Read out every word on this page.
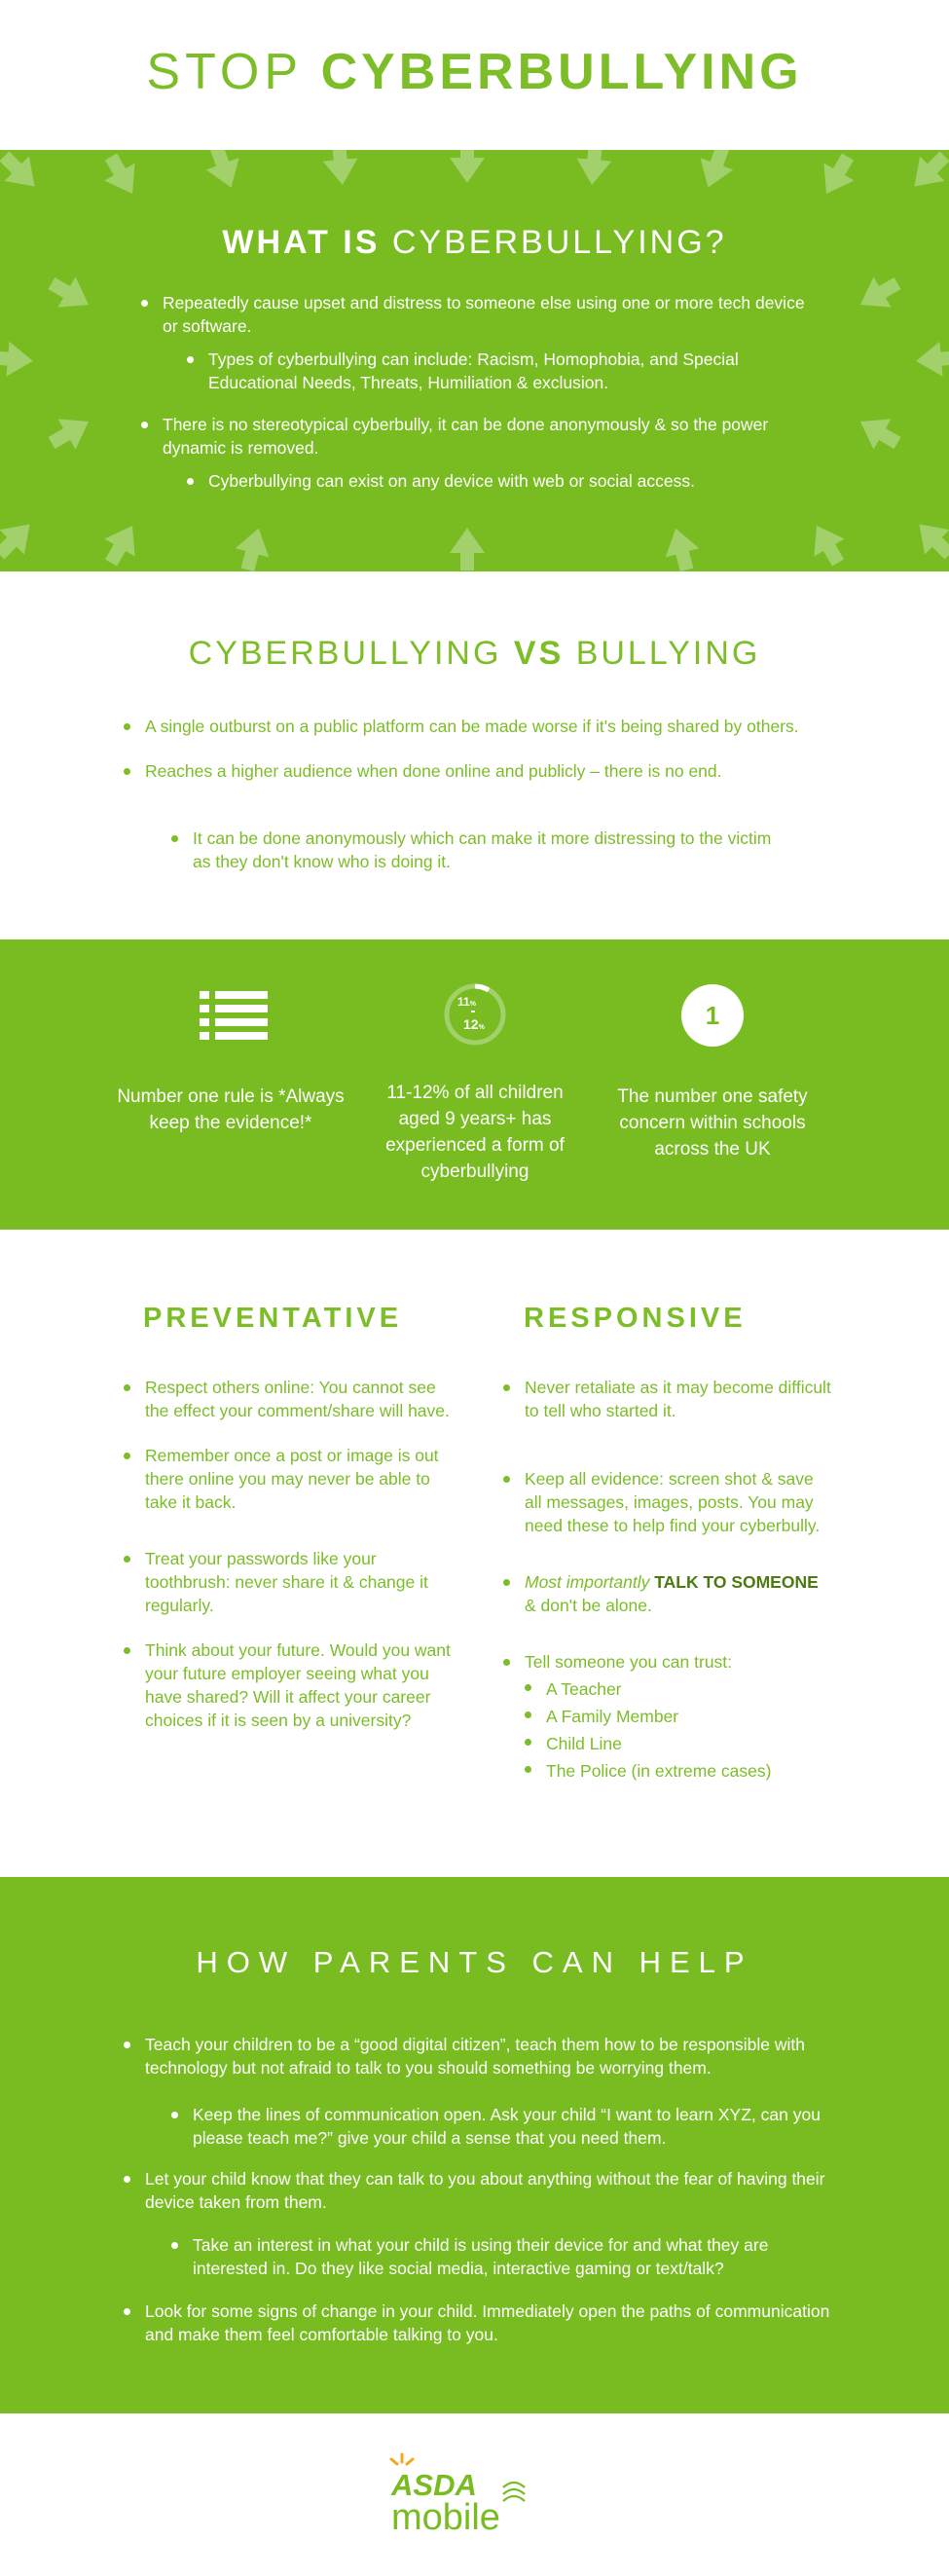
STOP CYBERBULLYING
WHAT IS CYBERBULLYING?
Repeatedly cause upset and distress to someone else using one or more tech device or software.
Types of cyberbullying can include: Racism, Homophobia, and Special Educational Needs, Threats, Humiliation & exclusion.
There is no stereotypical cyberbully, it can be done anonymously & so the power dynamic is removed.
Cyberbullying can exist on any device with web or social access.
CYBERBULLYING VS BULLYING
A single outburst on a public platform can be made worse if it's being shared by others.
Reaches a higher audience when done online and publicly – there is no end.
It can be done anonymously which can make it more distressing to the victim as they don't know who is doing it.
Number one rule is *Always keep the evidence!*
11%
12%
11-12% of all children aged 9 years+ has experienced a form of cyberbullying
1
The number one safety concern within schools across the UK
PREVENTATIVE	RESPONSIVE
Respect others online: You cannot see the effect your comment/share will have.
Remember once a post or image is out there online you may never be able to take it back.
Treat your passwords like your toothbrush: never share it & change it regularly.
Think about your future. Would you want your future employer seeing what you have shared? Will it affect your career choices if it is seen by a university?
Never retaliate as it may become difficult to tell who started it.
Keep all evidence: screen shot & save all messages, images, posts. You may need these to help find your cyberbully.
Most importantly TALK TO SOMEONE & don't be alone.
Tell someone you can trust:
A Teacher
A Family Member
Child Line
The Police (in extreme cases)
HOW PARENTS CAN HELP
Teach your children to be a “good digital citizen”, teach them how to be responsible with technology but not afraid to talk to you should something be worrying them.
Keep the lines of communication open. Ask your child “I want to learn XYZ, can you please teach me?” give your child a sense that you need them.
Let your child know that they can talk to you about anything without the fear of having their device taken from them.
Take an interest in what your child is using their device for and what they are interested in. Do they like social media, interactive gaming or text/talk?
Look for some signs of change in your child. Immediately open the paths of communication and make them feel comfortable talking to you.
ASDA
mobile
